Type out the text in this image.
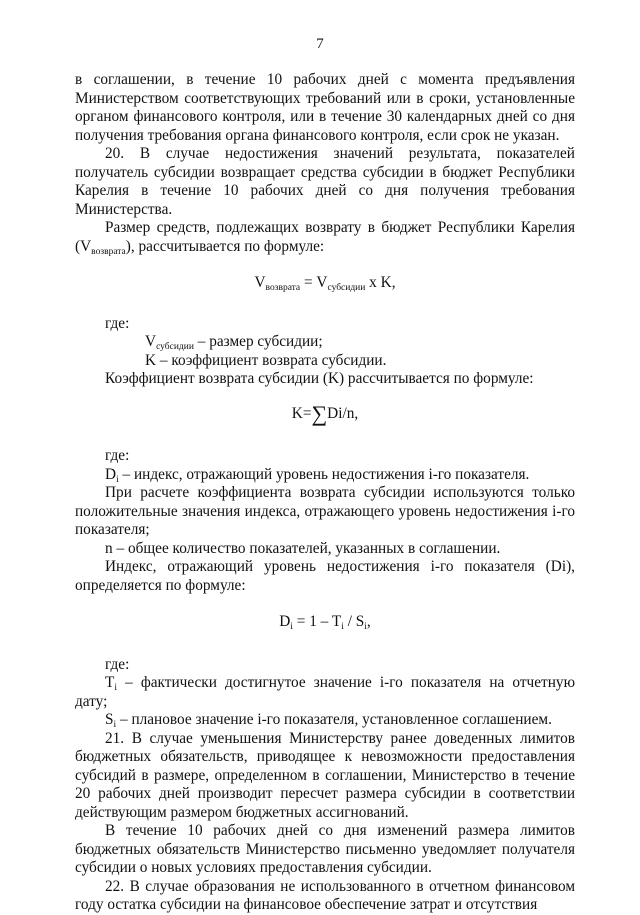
7

в соглашении, в течение 10 рабочих дней с момента предъявления Министерством соответствующих требований или в сроки, установленные органом финансового контроля, или в течение 30 календарных дней со дня получения требования органа финансового контроля, если срок не указан.

20. В случае недостижения значений результата, показателей получатель субсидии возвращает средства субсидии в бюджет Республики Карелия в течение 10 рабочих дней со дня получения требования Министерства.

Размер средств, подлежащих возврату в бюджет Республики Карелия $(V_{возврата})$, рассчитывается по формуле:

$V_{возврата} = V_{субсидии}$ x K,

где:

$V_{субсидии}$ – размер субсидии;

K – коэффициент возврата субсидии.

Коэффициент возврата субсидии (K) рассчитывается по формуле:

K=∑Di/n,

где:

$D_i$ – индекс, отражающий уровень недостижения i-го показателя.

При расчете коэффициента возврата субсидии используются только положительные значения индекса, отражающего уровень недостижения i-го показателя;

n – общее количество показателей, указанных в соглашении.

Индекс, отражающий уровень недостижения i-го показателя (Di), определяется по формуле:

$D_i = 1 - T_i / S_i$,

где:

$T_i$ – фактически достигнутое значение i-го показателя на отчетную дату;

$S_i$ – плановое значение i-го показателя, установленное соглашением.

21. В случае уменьшения Министерству ранее доведенных лимитов бюджетных обязательств, приводящее к невозможности предоставления субсидий в размере, определенном в соглашении, Министерство в течение 20 рабочих дней производит пересчет размера субсидии в соответствии действующим размером бюджетных ассигнований.

В течение 10 рабочих дней со дня изменений размера лимитов бюджетных обязательств Министерство письменно уведомляет получателя субсидии о новых условиях предоставления субсидии.

22. В случае образования не использованного в отчетном финансовом году остатка субсидии на финансовое обеспечение затрат и отсутствия
